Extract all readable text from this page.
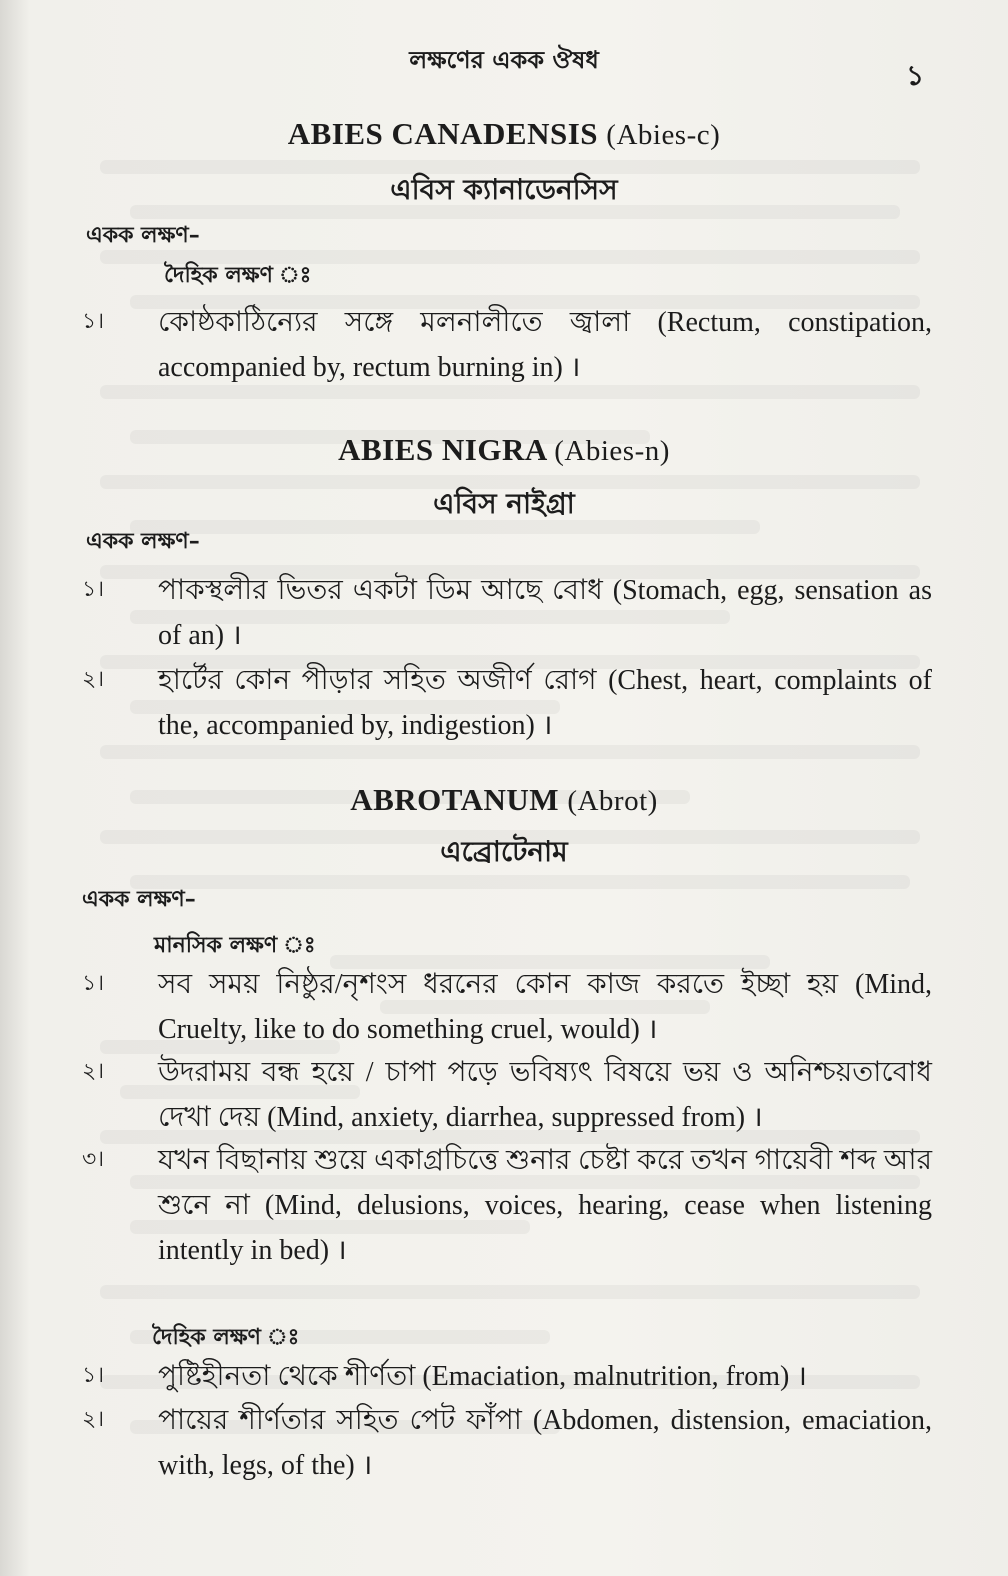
লক্ষণের একক ঔষধ	১
ABIES CANADENSIS (Abies-c)
এবিস ক্যানাডেনসিস
একক লক্ষণ–
দৈহিক লক্ষণ ঃ
১। কোষ্ঠকাঠিন্যের সঙ্গে মলনালীতে জ্বালা (Rectum, constipation, accompanied by, rectum burning in) ।
ABIES NIGRA (Abies-n)
এবিস নাইগ্রা
একক লক্ষণ–
১। পাকস্থলীর ভিতর একটা ডিম আছে বোধ (Stomach, egg, sensation as of an) ।
২। হার্টের কোন পীড়ার সহিত অজীর্ণ রোগ (Chest, heart, complaints of the, accompanied by, indigestion) ।
ABROTANUM (Abrot)
এব্রোটেনাম
একক লক্ষণ–
মানসিক লক্ষণ ঃ
১। সব সময় নিষ্ঠুর/নৃশংস ধরনের কোন কাজ করতে ইচ্ছা হয় (Mind, Cruelty, like to do something cruel, would) ।
২। উদরাময় বন্ধ হয়ে / চাপা পড়ে ভবিষ্যৎ বিষয়ে ভয় ও অনিশ্চয়তাবোধ দেখা দেয় (Mind, anxiety, diarrhea, suppressed from) ।
৩। যখন বিছানায় শুয়ে একাগ্রচিত্তে শুনার চেষ্টা করে তখন গায়েবী শব্দ আর শুনে না (Mind, delusions, voices, hearing, cease when listening intently in bed) ।
দৈহিক লক্ষণ ঃ
১। পুষ্টিহীনতা থেকে শীর্ণতা (Emaciation, malnutrition, from) ।
২। পায়ের শীর্ণতার সহিত পেট ফাঁপা (Abdomen, distension, emaciation, with, legs, of the) ।
